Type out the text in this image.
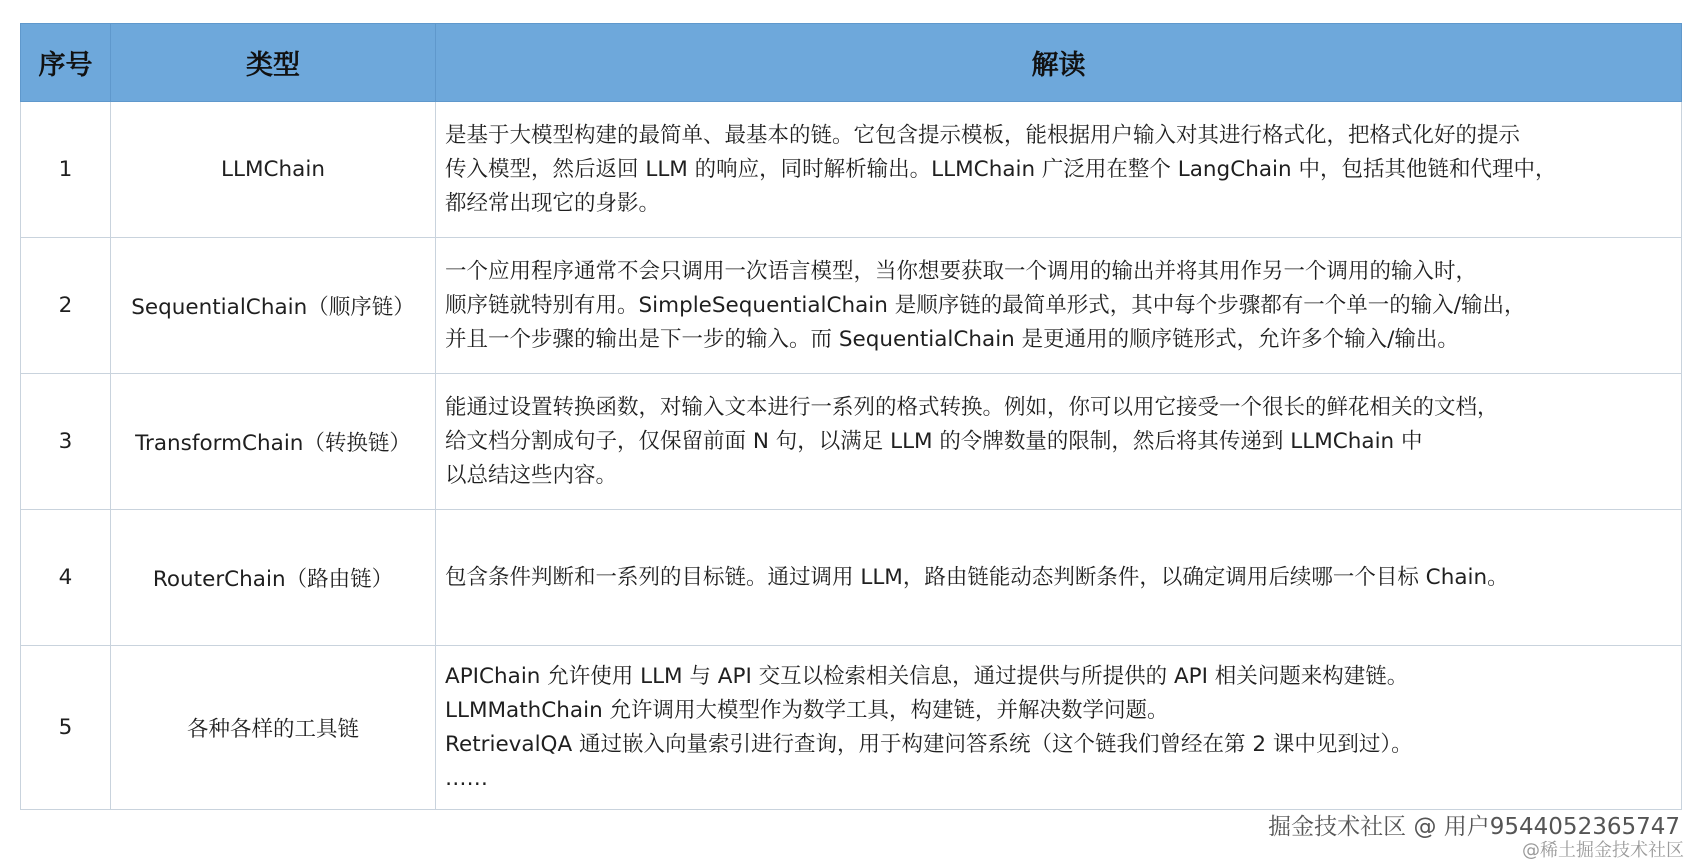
序号	类型	解读
1	LLMChain	是基于大模型构建的最简单、最基本的链。它包含提示模板，能根据用户输入对其进行格式化，把格式化好的提示
传入模型，然后返回 LLM 的响应，同时解析输出。LLMChain 广泛用在整个 LangChain 中，包括其他链和代理中，
都经常出现它的身影。

2	SequentialChain（顺序链）	一个应用程序通常不会只调用一次语言模型，当你想要获取一个调用的输出并将其用作另一个调用的输入时，
顺序链就特别有用。SimpleSequentialChain 是顺序链的最简单形式，其中每个步骤都有一个单一的输入/输出，
并且一个步骤的输出是下一步的输入。而 SequentialChain 是更通用的顺序链形式，允许多个输入/输出。

3	TransformChain（转换链）	能通过设置转换函数，对输入文本进行一系列的格式转换。例如，你可以用它接受一个很长的鲜花相关的文档，
给文档分割成句子，仅保留前面 N 句，以满足 LLM 的令牌数量的限制，然后将其传递到 LLMChain 中
以总结这些内容。

4	RouterChain（路由链）	包含条件判断和一系列的目标链。通过调用 LLM，路由链能动态判断条件，以确定调用后续哪一个目标 Chain。

5	各种各样的工具链	APIChain 允许使用 LLM 与 API 交互以检索相关信息，通过提供与所提供的 API 相关问题来构建链。
LLMMathChain 允许调用大模型作为数学工具，构建链，并解决数学问题。
RetrievalQA 通过嵌入向量索引进行查询，用于构建问答系统（这个链我们曾经在第 2 课中见到过）。
……
掘金技术社区 @ 用户9544052365747
@稀土掘金技术社区
